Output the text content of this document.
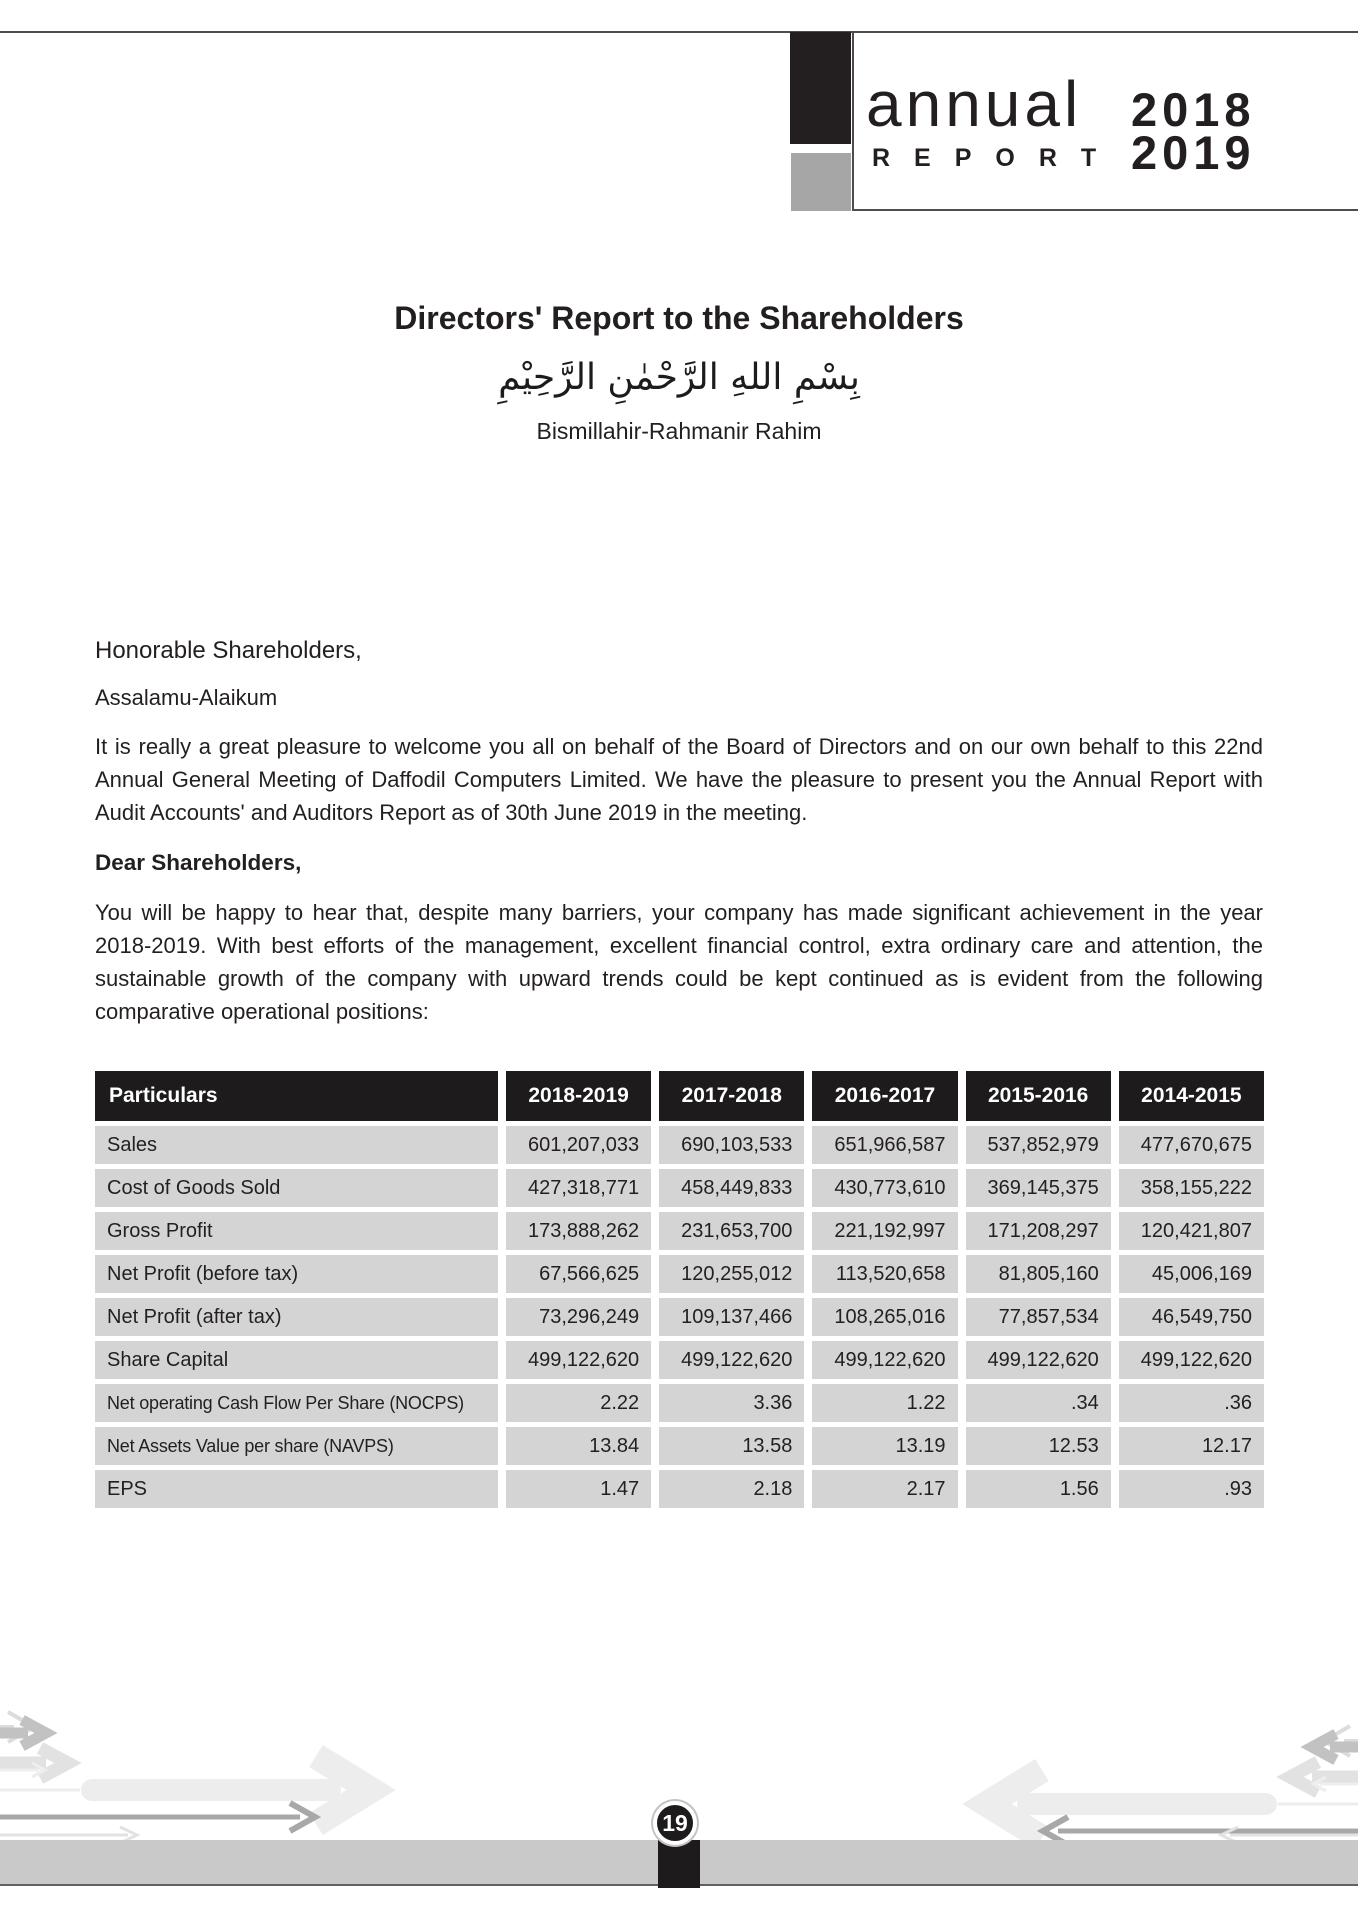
annual
REPORT
2018
2019
Directors' Report to the Shareholders
بِسْمِ اللهِ الرَّحْمٰنِ الرَّحِيْمِ
Bismillahir-Rahmanir Rahim
Honorable Shareholders,
Assalamu-Alaikum
It is really a great pleasure to welcome you all on behalf of the Board of Directors and on our own behalf to this 22nd Annual General Meeting of Daffodil Computers Limited. We have the pleasure to present you the Annual Report with Audit Accounts' and Auditors Report as of 30th June 2019 in the meeting.
Dear Shareholders,
You will be happy to hear that, despite many barriers, your company has made significant achievement in the year 2018-2019. With best efforts of the management, excellent financial control, extra ordinary care and attention, the sustainable growth of the company with upward trends could be kept continued as is evident from the following comparative operational positions:
Particulars	2018-2019	2017-2018	2016-2017	2015-2016	2014-2015
Sales	601,207,033	690,103,533	651,966,587	537,852,979	477,670,675
Cost of Goods Sold	427,318,771	458,449,833	430,773,610	369,145,375	358,155,222
Gross Profit	173,888,262	231,653,700	221,192,997	171,208,297	120,421,807
Net Profit (before tax)	67,566,625	120,255,012	113,520,658	81,805,160	45,006,169
Net Profit (after tax)	73,296,249	109,137,466	108,265,016	77,857,534	46,549,750
Share Capital	499,122,620	499,122,620	499,122,620	499,122,620	499,122,620
Net operating Cash Flow Per Share (NOCPS)	2.22	3.36	1.22	.34	.36
Net Assets Value per share (NAVPS)	13.84	13.58	13.19	12.53	12.17
EPS	1.47	2.18	2.17	1.56	.93
19
